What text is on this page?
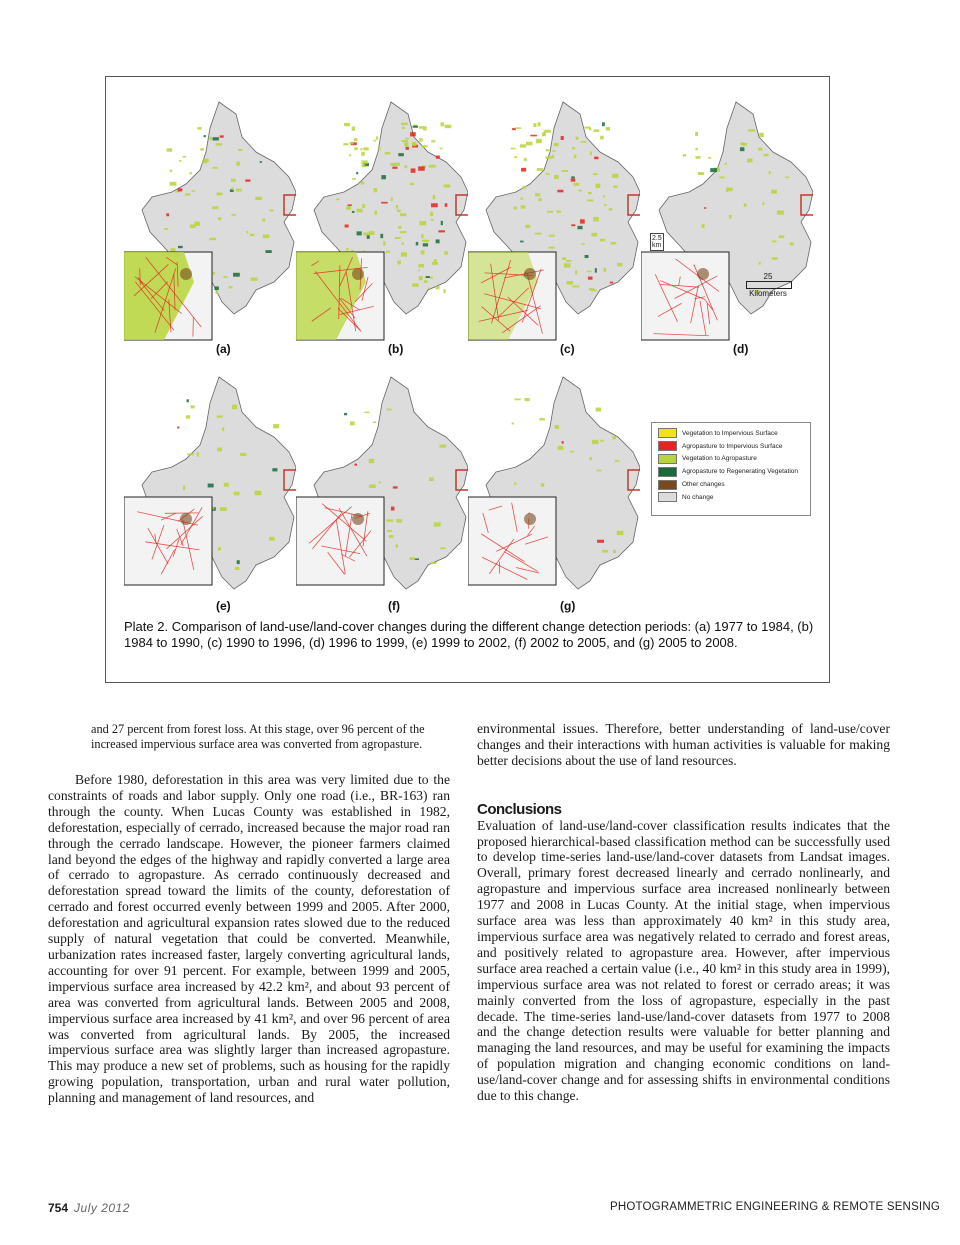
(a)	(b)	(c)	(d)
(e)	(f)	(g)
25
Kilometers
2.5
km
Vegetation to Impervious Surface
Agropasture to Impervious Surface
Vegetation to Agropasture
Agropasture to Regenerating Vegetation
Other changes
No change
Plate 2. Comparison of land-use/land-cover changes during the different change detection periods: (a) 1977 to 1984, (b) 1984 to 1990, (c) 1990 to 1996, (d) 1996 to 1999, (e) 1999 to 2002, (f) 2002 to 2005, and (g) 2005 to 2008.
and 27 percent from forest loss. At this stage, over 96 percent of the increased impervious surface area was converted from agropasture.

Before 1980, deforestation in this area was very limited due to the constraints of roads and labor supply. Only one road (i.e., BR-163) ran through the county. When Lucas County was established in 1982, deforestation, especially of cerrado, increased because the major road ran through the cerrado landscape. However, the pioneer farmers claimed land beyond the edges of the highway and rapidly converted a large area of cerrado to agropasture. As cerrado continuously decreased and deforestation spread toward the limits of the county, deforestation of cerrado and forest occurred evenly between 1999 and 2005. After 2000, deforestation and agricultural expansion rates slowed due to the reduced supply of natural vegetation that could be converted. Meanwhile, urbanization rates increased faster, largely converting agricultural lands, accounting for over 91 percent. For example, between 1999 and 2005, impervious surface area increased by 42.2 km², and about 93 percent of area was converted from agricultural lands. Between 2005 and 2008, impervious surface area increased by 41 km², and over 96 percent of area was converted from agricultural lands. By 2005, the increased impervious surface area was slightly larger than increased agropasture. This may produce a new set of problems, such as housing for the rapidly growing population, transportation, urban and rural water pollution, planning and management of land resources, and

environmental issues. Therefore, better understanding of land-use/cover changes and their interactions with human activities is valuable for making better decisions about the use of land resources.

Conclusions

Evaluation of land-use/land-cover classification results indicates that the proposed hierarchical-based classification method can be successfully used to develop time-series land-use/land-cover datasets from Landsat images. Overall, primary forest decreased linearly and cerrado nonlinearly, and agropasture and impervious surface area increased nonlinearly between 1977 and 2008 in Lucas County. At the initial stage, when impervious surface area was less than approximately 40 km² in this study area, impervious surface area was negatively related to cerrado and forest areas, and positively related to agropasture area. However, after impervious surface area reached a certain value (i.e., 40 km² in this study area in 1999), impervious surface area was not related to forest or cerrado areas; it was mainly converted from the loss of agropasture, especially in the past decade. The time-series land-use/land-cover datasets from 1977 to 2008 and the change detection results were valuable for better planning and managing the land resources, and may be useful for examining the impacts of population migration and changing economic conditions on land-use/land-cover change and for assessing shifts in environmental conditions due to this change.

754 July 2012	PHOTOGRAMMETRIC ENGINEERING & REMOTE SENSING
